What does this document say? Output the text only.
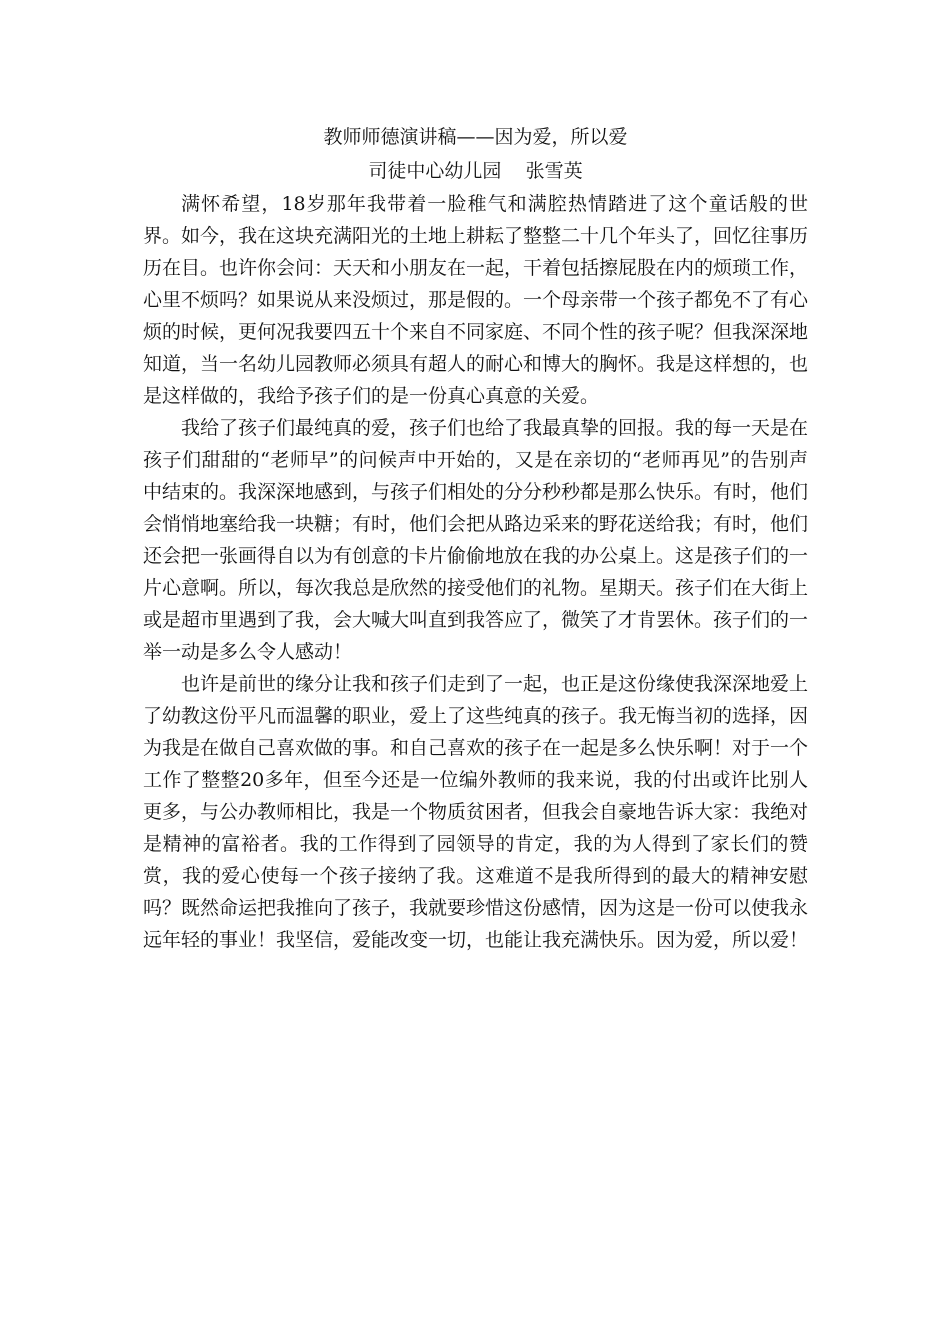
教师师德演讲稿——因为爱，所以爱
司徒中心幼儿园    张雪英

满怀希望，18岁那年我带着一脸稚气和满腔热情踏进了这个童话般的世界。如今，我在这块充满阳光的土地上耕耘了整整二十几个年头了，回忆往事历历在目。也许你会问：天天和小朋友在一起，干着包括擦屁股在内的烦琐工作，心里不烦吗？如果说从来没烦过，那是假的。一个母亲带一个孩子都免不了有心烦的时候，更何况我要四五十个来自不同家庭、不同个性的孩子呢？但我深深地知道，当一名幼儿园教师必须具有超人的耐心和博大的胸怀。我是这样想的，也是这样做的，我给予孩子们的是一份真心真意的关爱。

我给了孩子们最纯真的爱，孩子们也给了我最真挚的回报。我的每一天是在孩子们甜甜的“老师早”的问候声中开始的，又是在亲切的“老师再见”的告别声中结束的。我深深地感到，与孩子们相处的分分秒秒都是那么快乐。有时，他们会悄悄地塞给我一块糖；有时，他们会把从路边采来的野花送给我；有时，他们还会把一张画得自以为有创意的卡片偷偷地放在我的办公桌上。这是孩子们的一片心意啊。所以，每次我总是欣然的接受他们的礼物。星期天。孩子们在大街上或是超市里遇到了我，会大喊大叫直到我答应了，微笑了才肯罢休。孩子们的一举一动是多么令人感动！

也许是前世的缘分让我和孩子们走到了一起，也正是这份缘使我深深地爱上了幼教这份平凡而温馨的职业，爱上了这些纯真的孩子。我无悔当初的选择，因为我是在做自己喜欢做的事。和自己喜欢的孩子在一起是多么快乐啊！对于一个工作了整整20多年，但至今还是一位编外教师的我来说，我的付出或许比别人更多，与公办教师相比，我是一个物质贫困者，但我会自豪地告诉大家：我绝对是精神的富裕者。我的工作得到了园领导的肯定，我的为人得到了家长们的赞赏，我的爱心使每一个孩子接纳了我。这难道不是我所得到的最大的精神安慰吗？既然命运把我推向了孩子，我就要珍惜这份感情，因为这是一份可以使我永远年轻的事业！我坚信，爱能改变一切，也能让我充满快乐。因为爱，所以爱！
